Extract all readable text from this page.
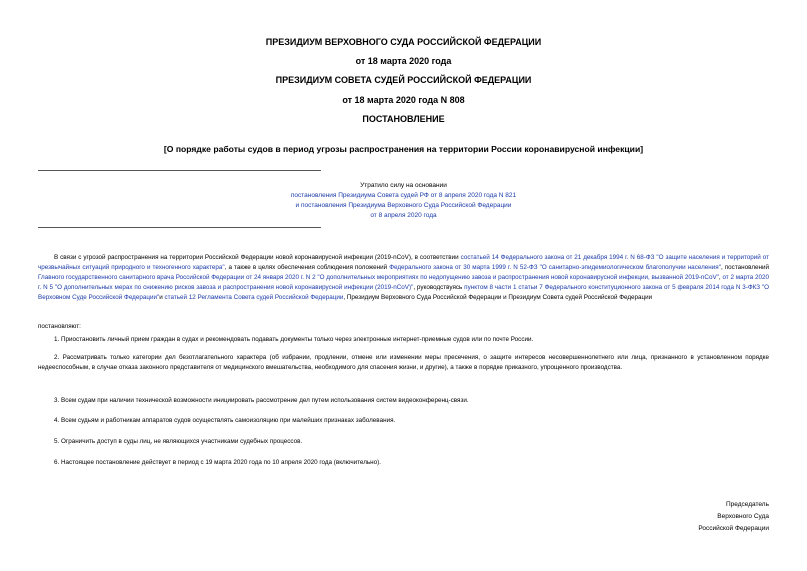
ПРЕЗИДИУМ ВЕРХОВНОГО СУДА РОССИЙСКОЙ ФЕДЕРАЦИИ
от 18 марта 2020 года
ПРЕЗИДИУМ СОВЕТА СУДЕЙ РОССИЙСКОЙ ФЕДЕРАЦИИ
от 18 марта 2020 года N 808
ПОСТАНОВЛЕНИЕ
[О порядке работы судов в период угрозы распространения на территории России коронавирусной инфекции]
Утратило силу на основании
постановления Президиума Совета судей РФ от 8 апреля 2020 года N 821
и постановления Президиума Верховного Суда Российской Федерации
от 8 апреля 2020 года
В связи с угрозой распространения на территории Российской Федерации новой коронавирусной инфекции (2019-nCoV), в соответствии состатьей 14 Федерального закона от 21 декабря 1994 г. N 68-ФЗ "О защите населения и территорий от чрезвычайных ситуаций природного и техногенного характера", а также в целях обеспечения соблюдения положений Федерального закона от 30 марта 1999 г. N 52-ФЗ "О санитарно-эпидемиологическом благополучии населения", постановлений Главного государственного санитарного врача Российской Федерации от 24 января 2020 г. N 2 "О дополнительных мероприятиях по недопущению завоза и распространения новой коронавирусной инфекции, вызванной 2019-nCoV", от 2 марта 2020 г. N 5 "О дополнительных мерах по снижению рисков завоза и распространения новой коронавирусной инфекции (2019-nCoV)", руководствуясь пунктом 8 части 1 статьи 7 Федерального конституционного закона от 5 февраля 2014 года N 3-ФКЗ "О Верховном Суде Российской Федерации"и статьей 12 Регламента Совета судей Российской Федерации, Президиум Верховного Суда Российской Федерации и Президиум Совета судей Российской Федерации
постановляют:
1. Приостановить личный прием граждан в судах и рекомендовать подавать документы только через электронные интернет-приемные судов или по почте России.
2. Рассматривать только категории дел безотлагательного характера (об избрании, продлении, отмене или изменении меры пресечения, о защите интересов несовершеннолетнего или лица, признанного в установленном порядке недееспособным, в случае отказа законного представителя от медицинского вмешательства, необходимого для спасения жизни, и другие), а также в порядке приказного, упрощенного производства.
3. Всем судам при наличии технической возможности инициировать рассмотрение дел путем использования систем видеоконференц-связи.
4. Всем судьям и работникам аппаратов судов осуществлять самоизоляцию при малейших признаках заболевания.
5. Ограничить доступ в суды лиц, не являющихся участниками судебных процессов.
6. Настоящее постановление действует в период с 19 марта 2020 года по 10 апреля 2020 года (включительно).
Председатель
Верховного Суда
Российской Федерации
